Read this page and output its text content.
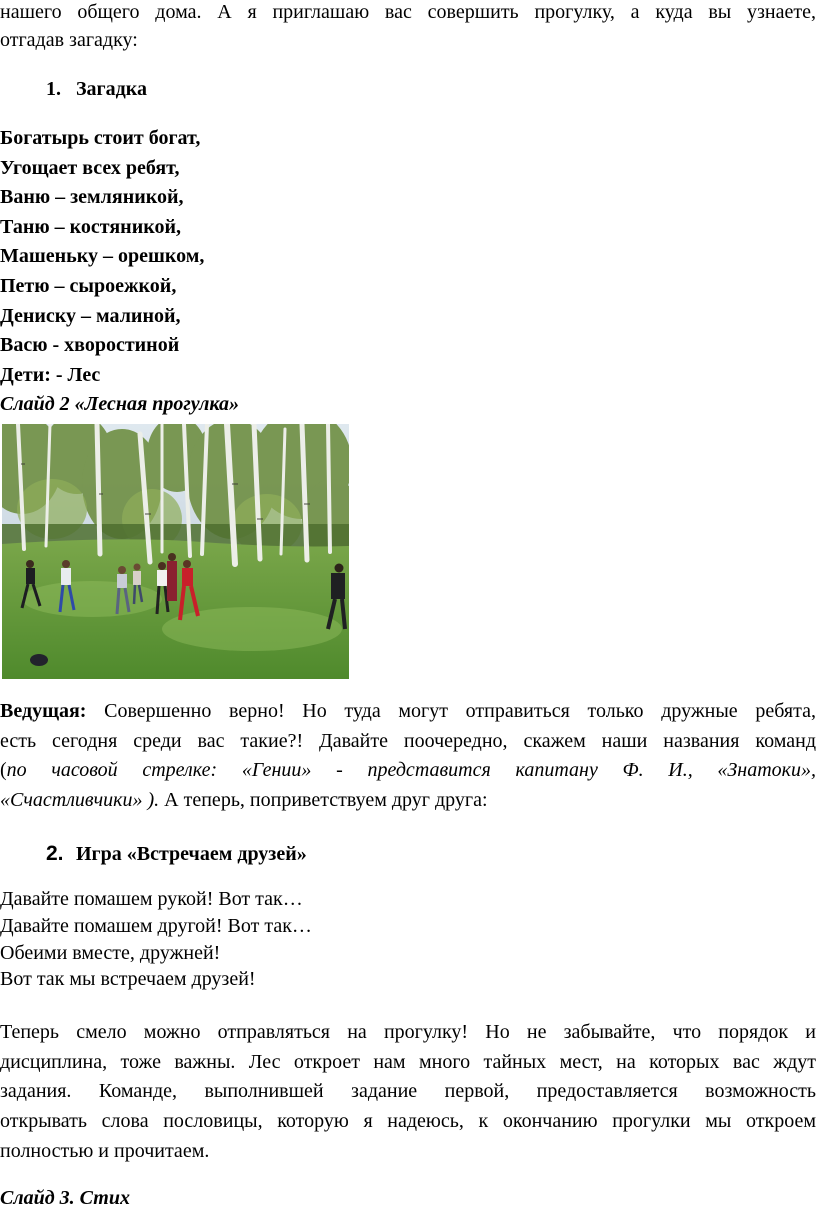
нашего общего дома. А я приглашаю вас совершить прогулку, а куда вы узнаете,
отгадав загадку:
1. Загадка
Богатырь стоит богат,
Угощает всех ребят,
Ваню – земляникой,
Таню – костяникой,
Машеньку – орешком,
Петю – сыроежкой,
Дениску – малиной,
Васю - хворостиной
Дети: - Лес
Слайд 2 «Лесная прогулка»
Ведущая: Совершенно верно! Но туда могут отправиться только дружные ребята,
есть сегодня среди вас такие?! Давайте поочередно, скажем наши названия команд
(по часовой стрелке: «Гении» - представится капитану Ф. И., «Знатоки»,
«Счастливчики» ). А теперь, поприветствуем друг друга:
2. Игра «Встречаем друзей»
Давайте помашем рукой! Вот так…
Давайте помашем другой! Вот так…
Обеими вместе, дружней!
Вот так мы встречаем друзей!
Теперь смело можно отправляться на прогулку! Но не забывайте, что порядок и
дисциплина, тоже важны. Лес откроет нам много тайных мест, на которых вас ждут
задания. Команде, выполнившей задание первой, предоставляется возможность
открывать слова пословицы, которую я надеюсь, к окончанию прогулки мы откроем
полностью и прочитаем.
Слайд 3. Стих
